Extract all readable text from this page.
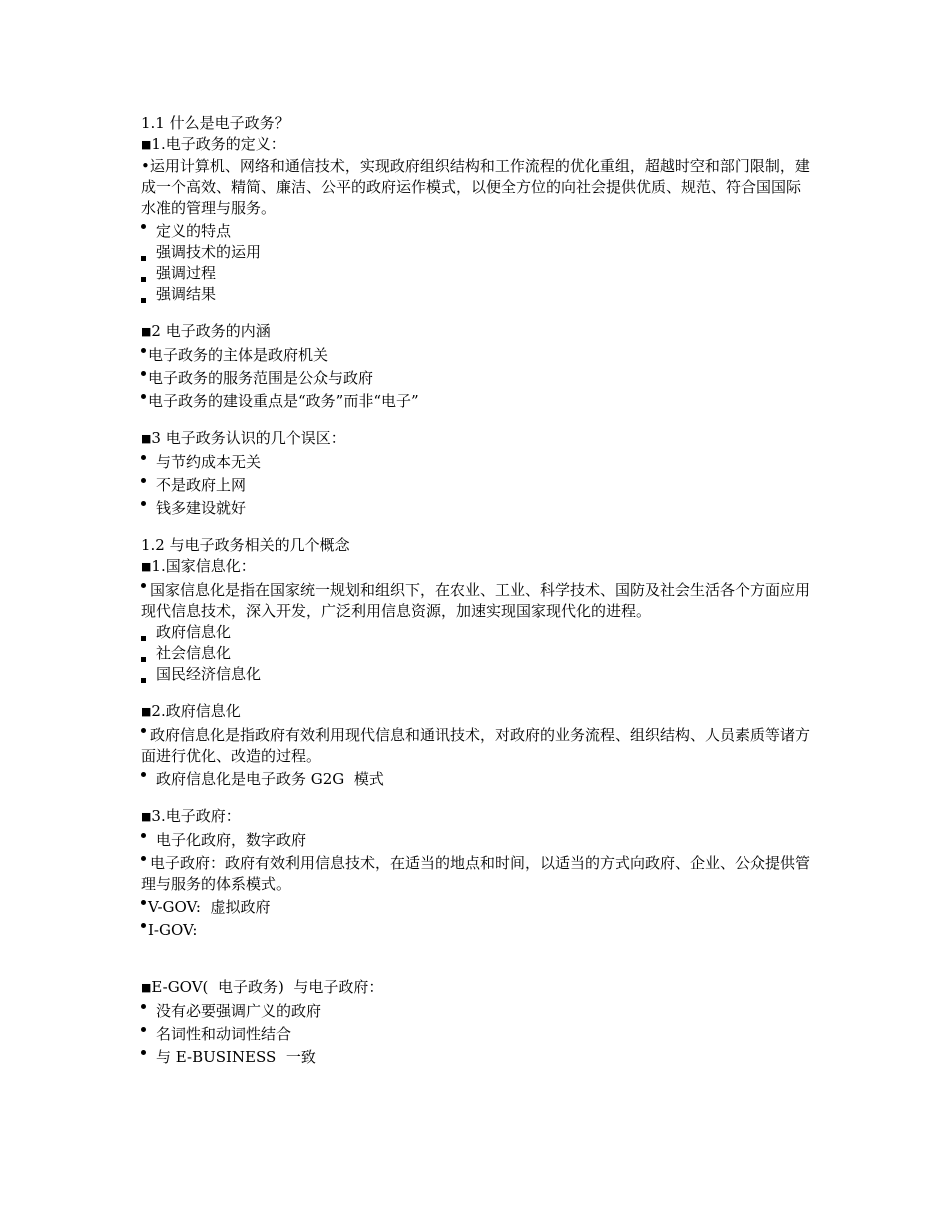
1.1 什么是电子政务？
■1.电子政务的定义：
•运用计算机、网络和通信技术，实现政府组织结构和工作流程的优化重组，超越时空和部门限制，建成一个高效、精简、廉洁、公平的政府运作模式，以便全方位的向社会提供优质、规范、符合国国际水准的管理与服务。
定义的特点
强调技术的运用
强调过程
强调结果
■2 电子政务的内涵
电子政务的主体是政府机关
电子政务的服务范围是公众与政府
电子政务的建设重点是“政务”而非“电子”
■3 电子政务认识的几个误区：
与节约成本无关
不是政府上网
钱多建设就好
1.2 与电子政务相关的几个概念
■1.国家信息化：
国家信息化是指在国家统一规划和组织下，在农业、工业、科学技术、国防及社会生活各个方面应用现代信息技术，深入开发，广泛利用信息资源，加速实现国家现代化的进程。
政府信息化
社会信息化
国民经济信息化
■2.政府信息化
政府信息化是指政府有效利用现代信息和通讯技术，对政府的业务流程、组织结构、人员素质等诸方面进行优化、改造的过程。
政府信息化是电子政务 G2G  模式
■3.电子政府：
电子化政府，数字政府
电子政府：政府有效利用信息技术，在适当的地点和时间，以适当的方式向政府、企业、公众提供管理与服务的体系模式。
V-GOV:  虚拟政府
I-GOV:
■E-GOV(  电子政务)  与电子政府：
没有必要强调广义的政府
名词性和动词性结合
与 E-BUSINESS  一致
